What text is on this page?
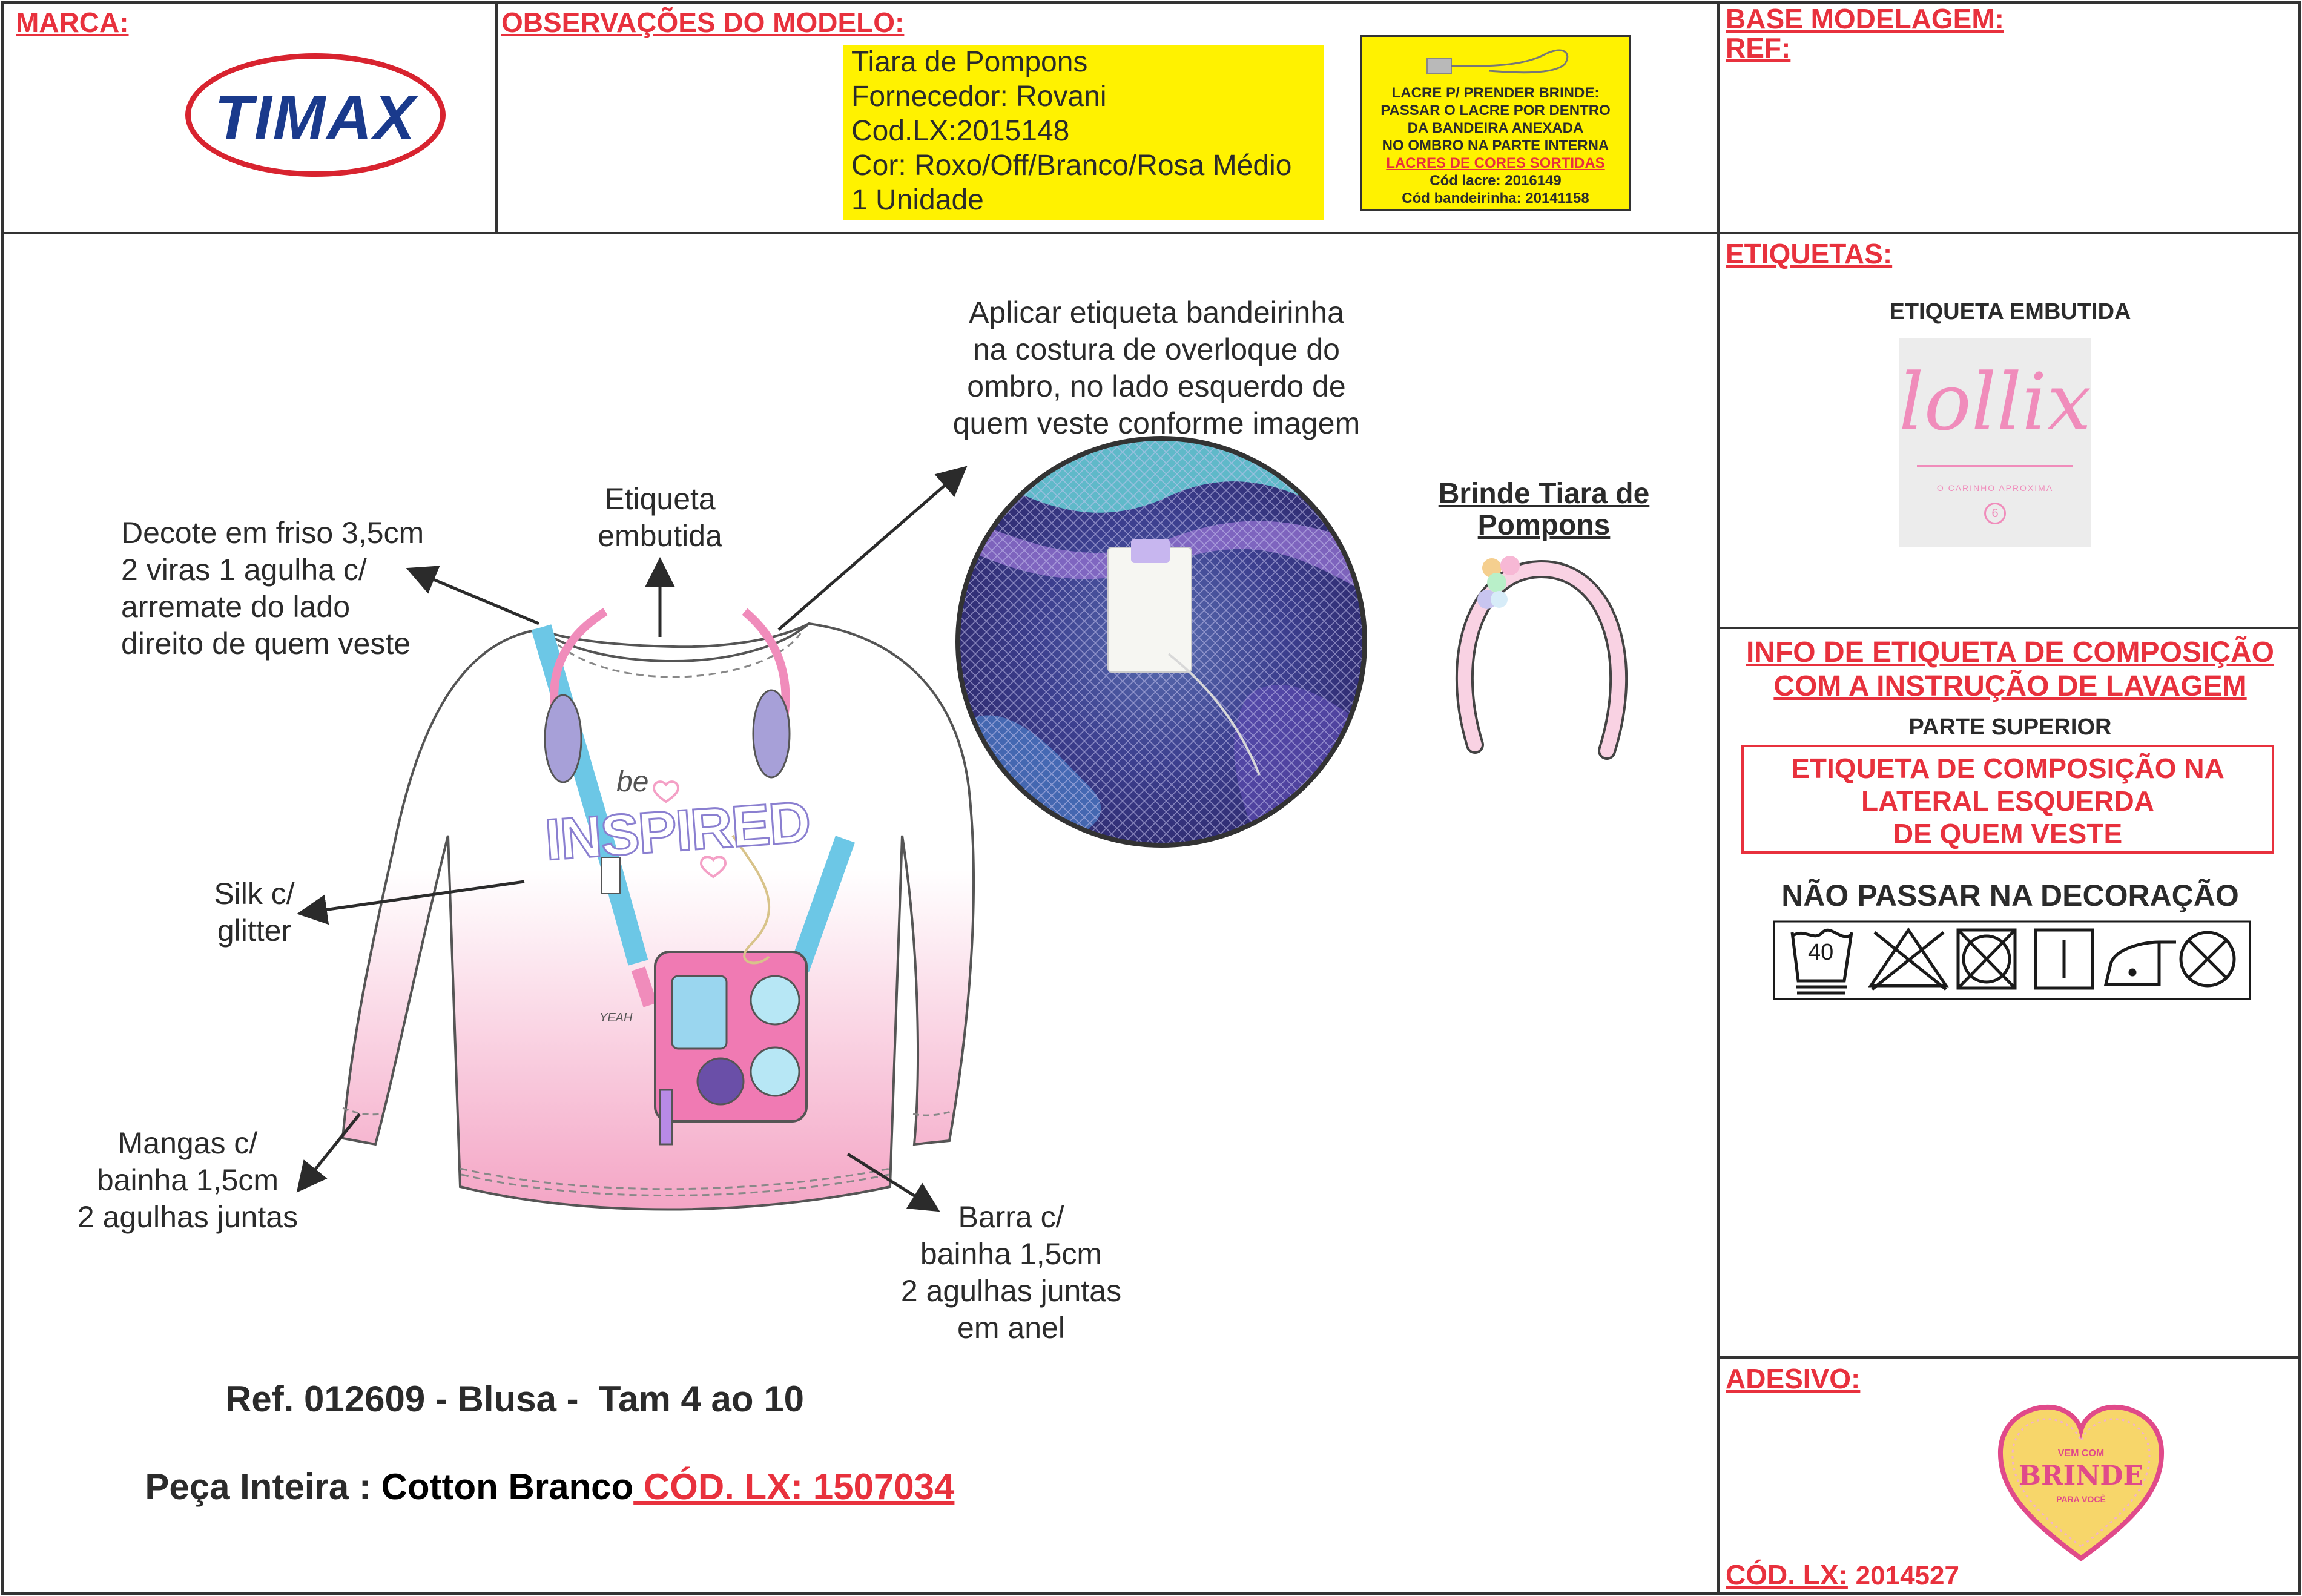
MARCA:
TIMAX
OBSERVAÇÕES DO MODELO:
Tiara de Pompons
Fornecedor: Rovani
Cod.LX:2015148
Cor: Roxo/Off/Branco/Rosa Médio
1 Unidade
LACRE P/ PRENDER BRINDE:
PASSAR O LACRE POR DENTRO
DA BANDEIRA ANEXADA
NO OMBRO NA PARTE INTERNA
LACRES DE CORES SORTIDAS
Cód lacre: 2016149
Cód bandeirinha: 20141158
BASE MODELAGEM:
REF:
be
INSPIRED
YEAH
40
Aplicar etiqueta bandeirinha
na costura de overloque do
ombro, no lado esquerdo de
quem veste conforme imagem
Etiqueta
embutida
Decote em friso 3,5cm
2 viras 1 agulha c/
arremate do lado
direito de quem veste
Silk c/
glitter
Mangas c/
bainha 1,5cm
2 agulhas juntas	Barra c/
bainha 1,5cm
2 agulhas juntas
em anel
Brinde Tiara de
Pompons
Ref. 012609 - Blusa -  Tam 4 ao 10

Peça Inteira : Cotton Branco CÓD. LX: 1507034

ETIQUETAS:
ETIQUETA EMBUTIDA
lollix
O CARINHO APROXIMA
6
INFO DE ETIQUETA DE COMPOSIÇÃO
COM A INSTRUÇÃO DE LAVAGEM
PARTE SUPERIOR
ETIQUETA DE COMPOSIÇÃO NA
LATERAL ESQUERDA
DE QUEM VESTE
NÃO PASSAR NA DECORAÇÃO
ADESIVO:
VEM COM
BRINDE
PARA VOCÊ
CÓD. LX: 2014527
